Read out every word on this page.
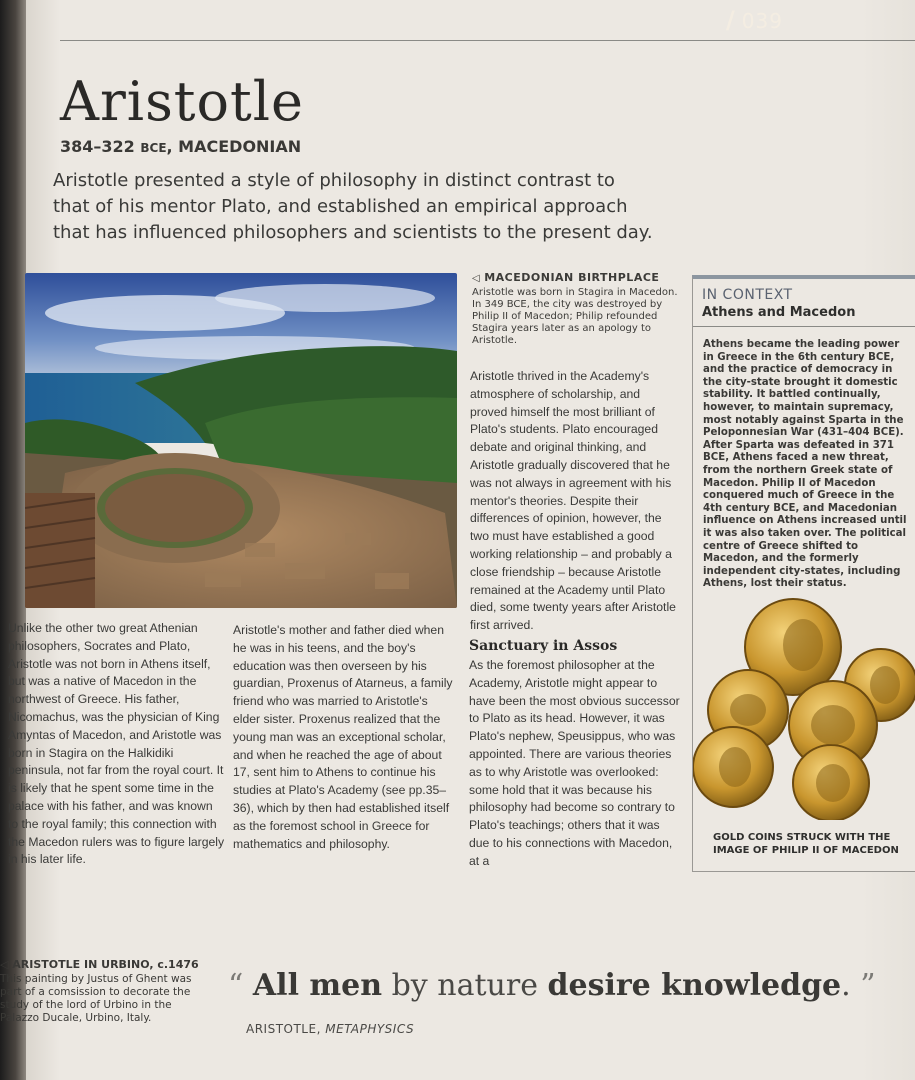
/ 039
Aristotle
384–322 BCE, MACEDONIAN
Aristotle presented a style of philosophy in distinct contrast to that of his mentor Plato, and established an empirical approach that has influenced philosophers and scientists to the present day.
◁ MACEDONIAN BIRTHPLACE
Aristotle was born in Stagira in Macedon. In 349 BCE, the city was destroyed by Philip II of Macedon; Philip refounded Stagira years later as an apology to Aristotle.
Unlike the other two great Athenian philosophers, Socrates and Plato, Aristotle was not born in Athens itself, but was a native of Macedon in the northwest of Greece. His father, Nicomachus, was the physician of King Amyntas of Macedon, and Aristotle was born in Stagira on the Halkidiki peninsula, not far from the royal court. It is likely that he spent some time in the palace with his father, and was known to the royal family; this connection with the Macedon rulers was to figure largely in his later life.
Aristotle's mother and father died when he was in his teens, and the boy's education was then overseen by his guardian, Proxenus of Atarneus, a family friend who was married to Aristotle's elder sister. Proxenus realized that the young man was an exceptional scholar, and when he reached the age of about 17, sent him to Athens to continue his studies at Plato's Academy (see pp.35–36), which by then had established itself as the foremost school in Greece for mathematics and philosophy.
Aristotle thrived in the Academy's atmosphere of scholarship, and proved himself the most brilliant of Plato's students. Plato encouraged debate and original thinking, and Aristotle gradually discovered that he was not always in agreement with his mentor's theories. Despite their differences of opinion, however, the two must have established a good working relationship – and probably a close friendship – because Aristotle remained at the Academy until Plato died, some twenty years after Aristotle first arrived.
Sanctuary in Assos
As the foremost philosopher at the Academy, Aristotle might appear to have been the most obvious successor to Plato as its head. However, it was Plato's nephew, Speusippus, who was appointed. There are various theories as to why Aristotle was overlooked: some hold that it was because his philosophy had become so contrary to Plato's teachings; others that it was due to his connections with Macedon, at a
IN CONTEXT
Athens and Macedon
Athens became the leading power in Greece in the 6th century BCE, and the practice of democracy in the city-state brought it domestic stability. It battled continually, however, to maintain supremacy, most notably against Sparta in the Peloponnesian War (431–404 BCE). After Sparta was defeated in 371 BCE, Athens faced a new threat, from the northern Greek state of Macedon. Philip II of Macedon conquered much of Greece in the 4th century BCE, and Macedonian influence on Athens increased until it was also taken over. The political centre of Greece shifted to Macedon, and the formerly independent city-states, including Athens, lost their status.
GOLD COINS STRUCK WITH THE IMAGE OF PHILIP II OF MACEDON
◁ ARISTOTLE IN URBINO, c.1476
This painting by Justus of Ghent was part of a comsission to decorate the study of the lord of Urbino in the Palazzo Ducale, Urbino, Italy.
“ All men by nature desire knowledge. ”
ARISTOTLE, METAPHYSICS
